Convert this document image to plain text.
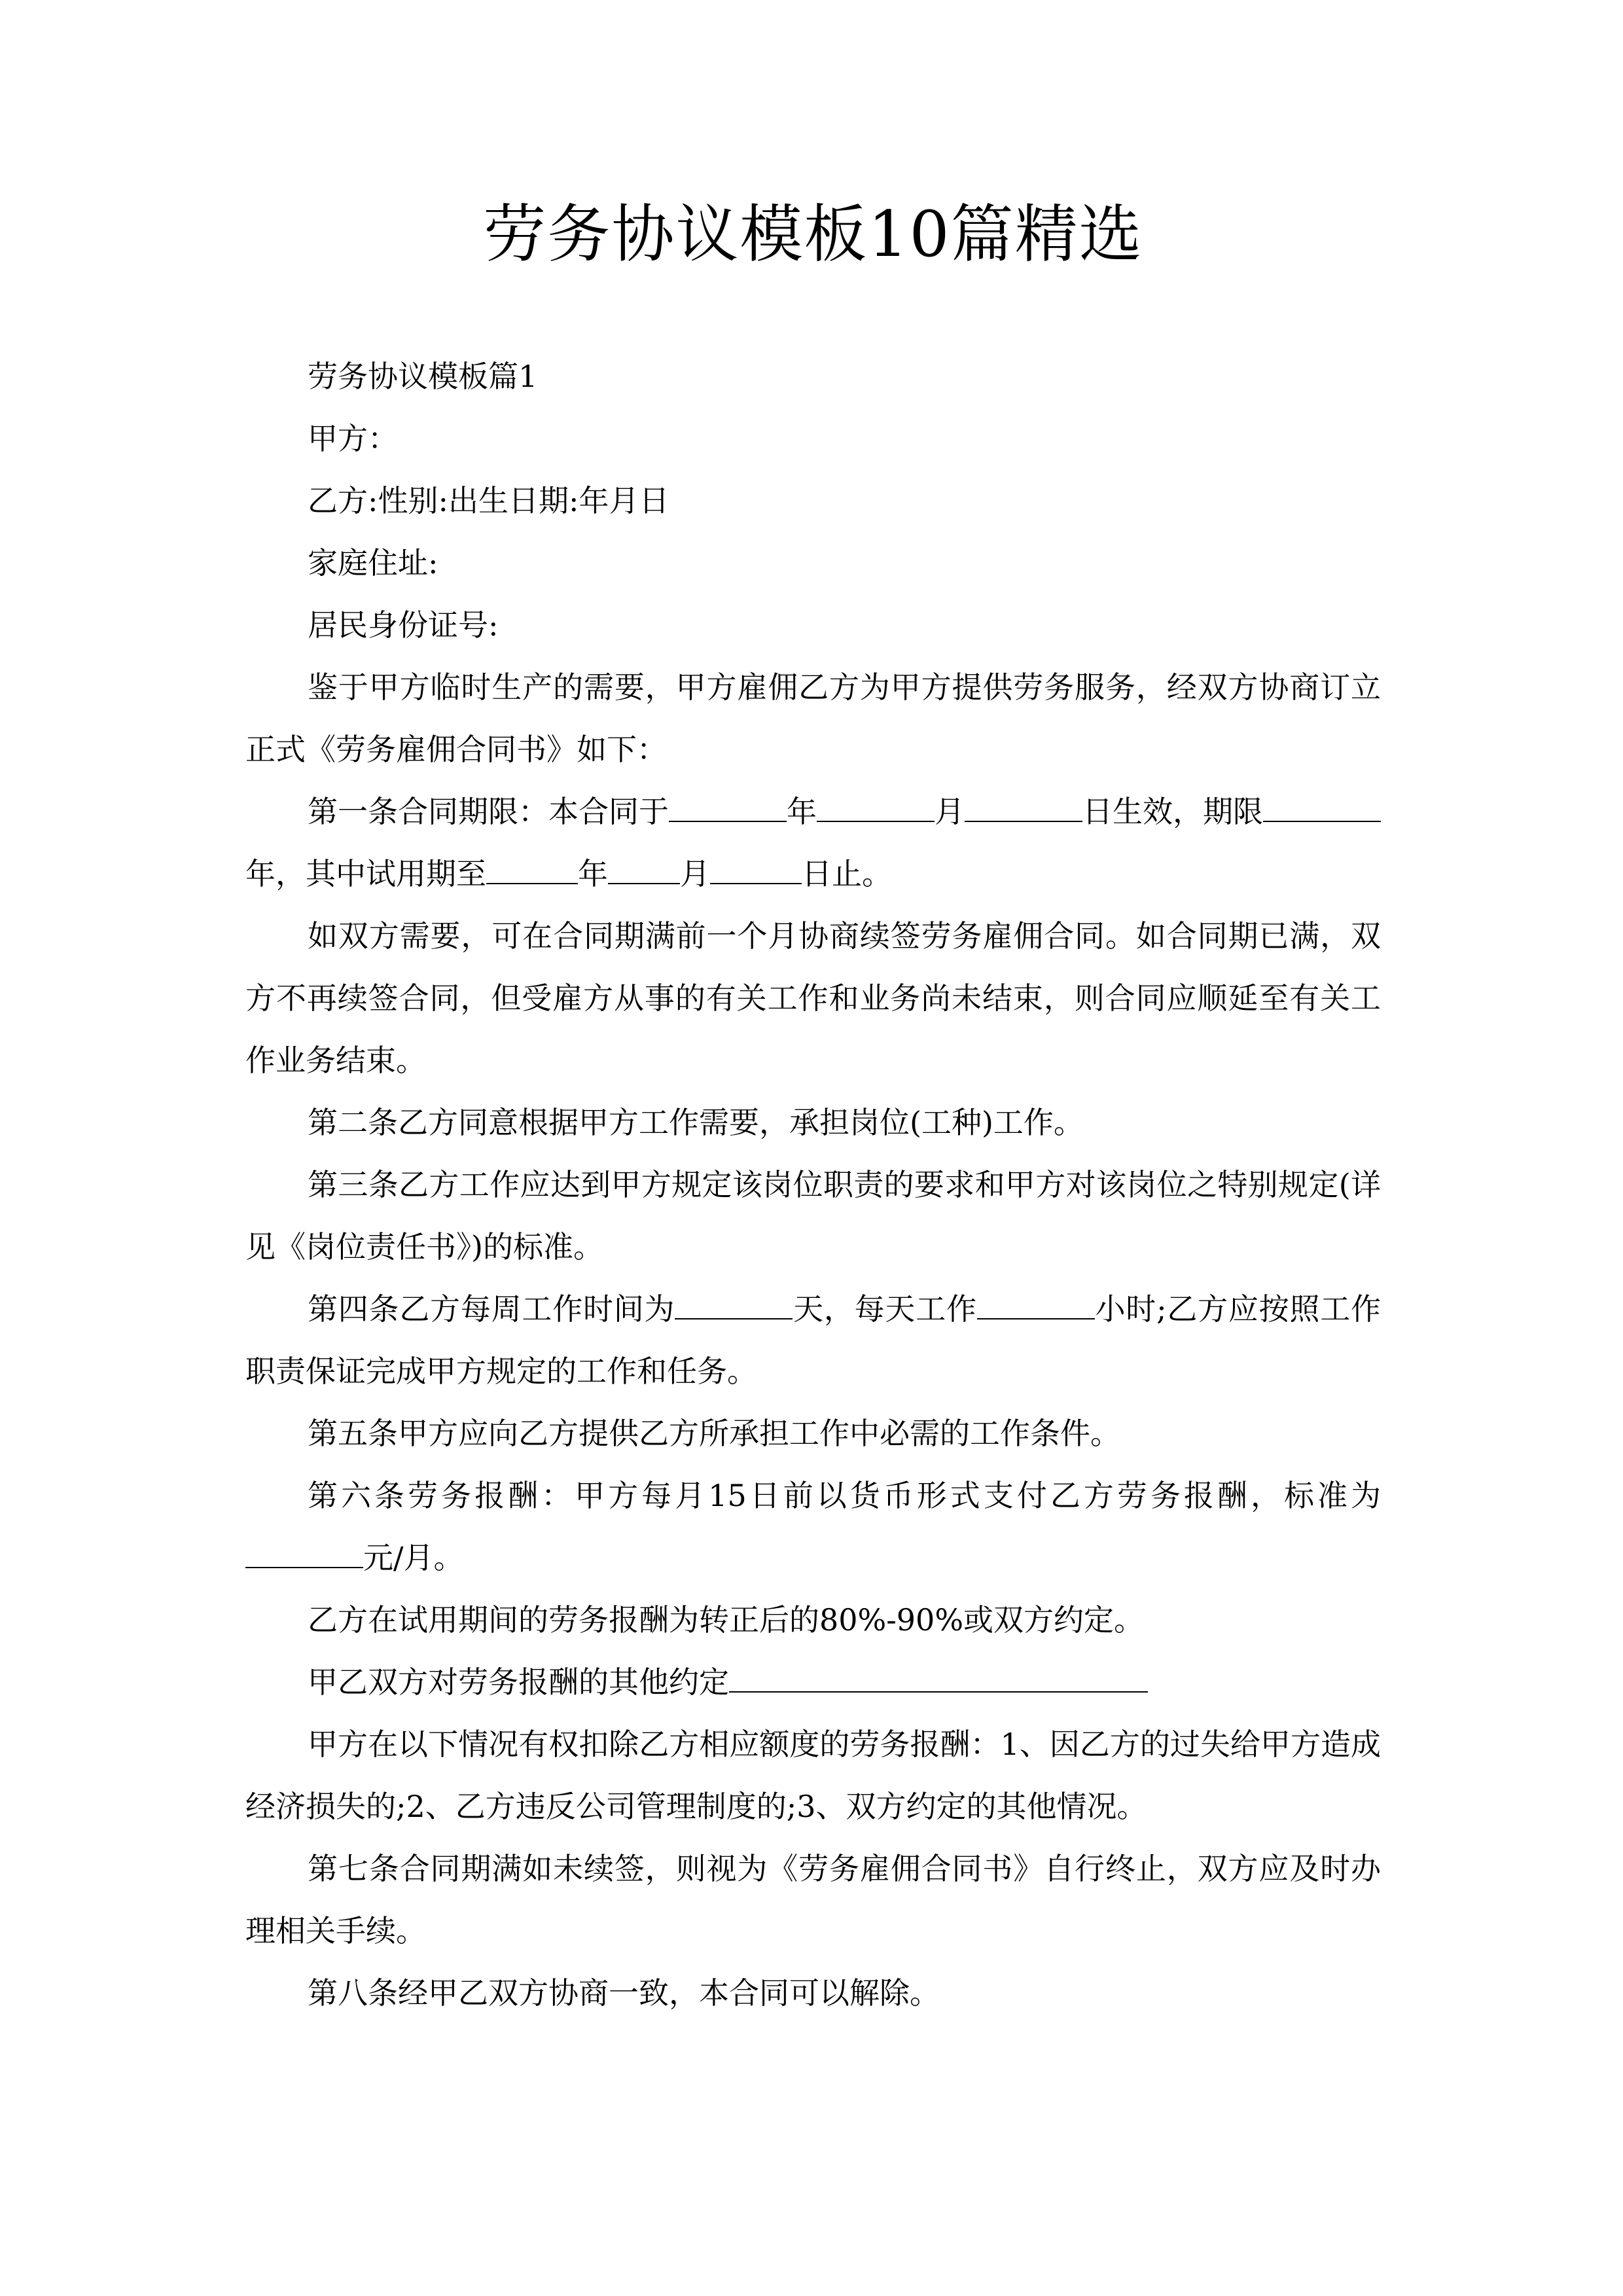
劳务协议模板10篇精选

劳务协议模板篇1

甲方：

乙方:性别:出生日期:年月日

家庭住址:

居民身份证号:

鉴于甲方临时生产的需要，甲方雇佣乙方为甲方提供劳务服务，经双方协商订立正式《劳务雇佣合同书》如下：

第一条合同期限：本合同于	年	月	日生效，期限年，其中试用期至	年 月	日止。

如双方需要，可在合同期满前一个月协商续签劳务雇佣合同。如合同期已满，双方不再续签合同，但受雇方从事的有关工作和业务尚未结束，则合同应顺延至有关工作业务结束。

第二条乙方同意根据甲方工作需要，承担岗位(工种)工作。

第三条乙方工作应达到甲方规定该岗位职责的要求和甲方对该岗位之特别规定(详见《岗位责任书》)的标准。

第四条乙方每周工作时间为	天，每天工作	小时;乙方应按照工作职责保证完成甲方规定的工作和任务。

第五条甲方应向乙方提供乙方所承担工作中必需的工作条件。

第六条劳务报酬：甲方每月15日前以货币形式支付乙方劳务报酬，标准为元/月。

乙方在试用期间的劳务报酬为转正后的80%-90%或双方约定。

甲乙双方对劳务报酬的其他约定

甲方在以下情况有权扣除乙方相应额度的劳务报酬：1、因乙方的过失给甲方造成经济损失的;2、乙方违反公司管理制度的;3、双方约定的其他情况。

第七条合同期满如未续签，则视为《劳务雇佣合同书》自行终止，双方应及时办理相关手续。

第八条经甲乙双方协商一致，本合同可以解除。
